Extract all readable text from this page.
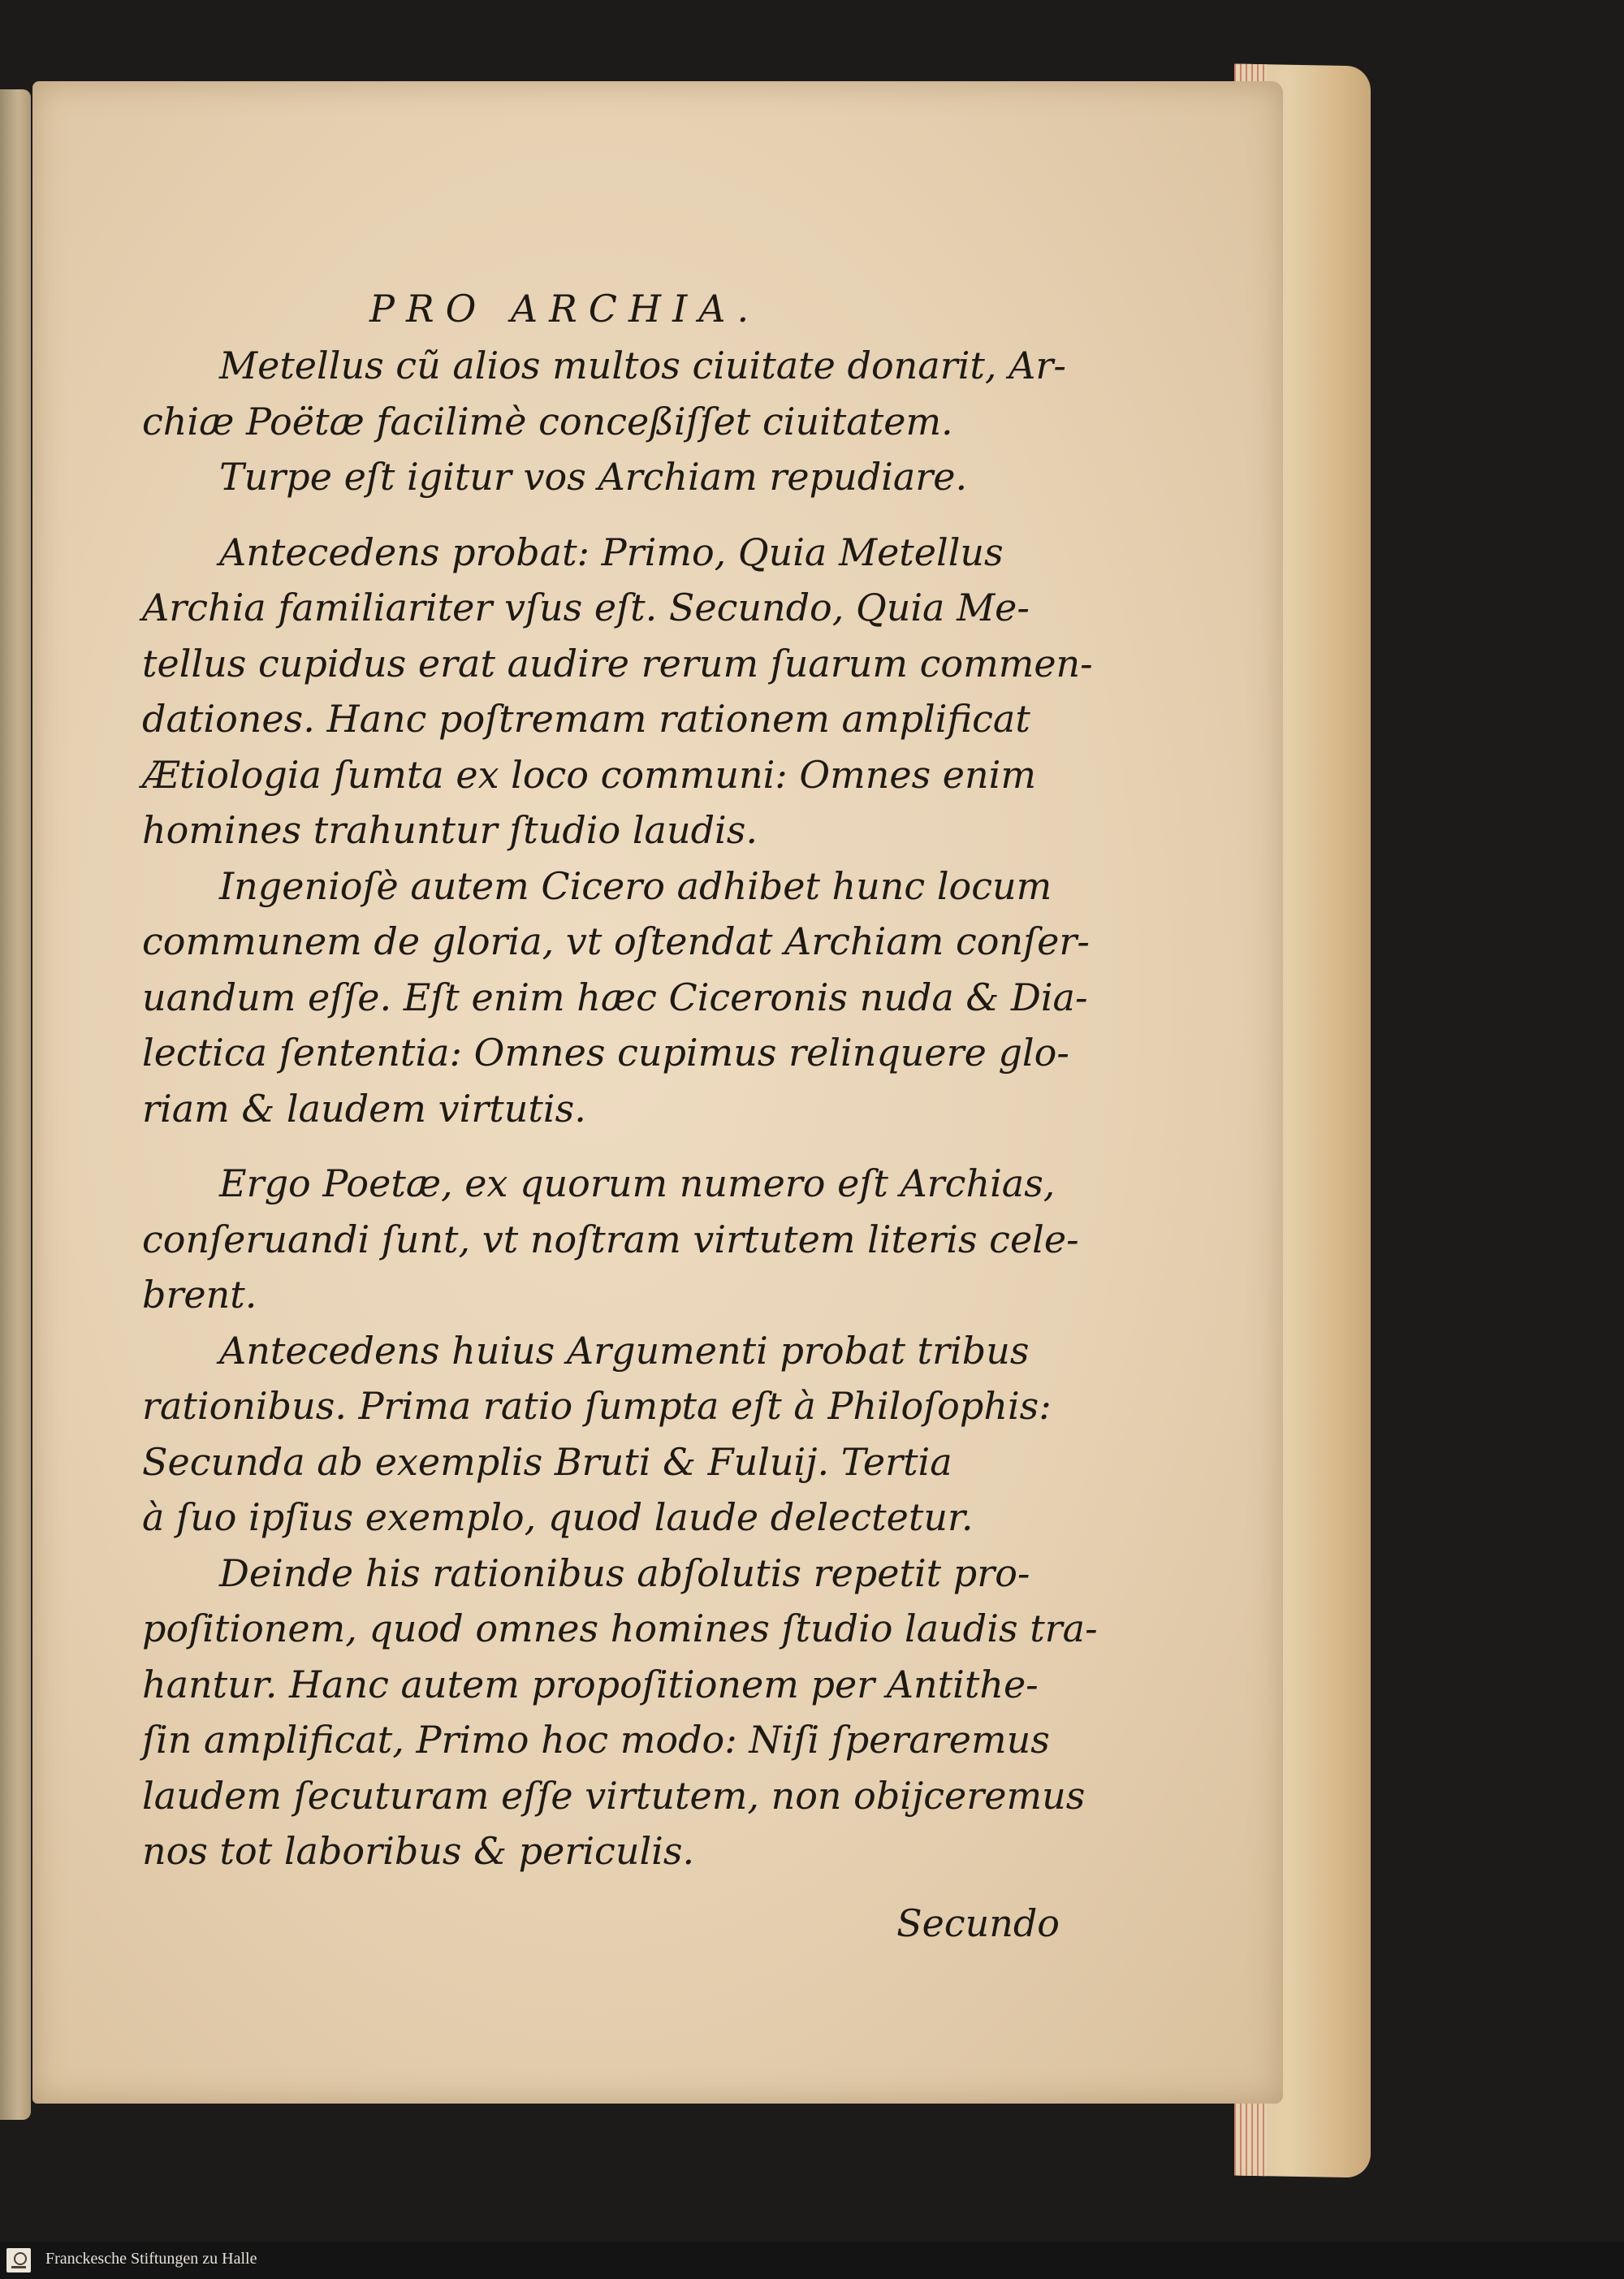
PRO ARCHIA.

Metellus cũ alios multos ciuitate donarit, Ar-
chiæ Poëtæ facilimè conceßiſſet ciuitatem.

Turpe eſt igitur vos Archiam repudiare.

Antecedens probat: Primo, Quia Metellus
Archia familiariter vſus eſt. Secundo, Quia Me-
tellus cupidus erat audire rerum ſuarum commen-
dationes. Hanc poſtremam rationem amplificat
Ætiologia ſumta ex loco communi: Omnes enim
homines trahuntur ſtudio laudis.

Ingenioſè autem Cicero adhibet hunc locum
communem de gloria, vt oſtendat Archiam conſer-
uandum eſſe. Eſt enim hæc Ciceronis nuda & Dia-
lectica ſententia: Omnes cupimus relinquere glo-
riam & laudem virtutis.

Ergo Poetæ, ex quorum numero eſt Archias,
conſeruandi ſunt, vt noſtram virtutem literis cele-
brent.

Antecedens huius Argumenti probat tribus
rationibus. Prima ratio ſumpta eſt à Philoſophis:
Secunda ab exemplis Bruti & Fuluij. Tertia
à ſuo ipſius exemplo, quod laude delectetur.

Deinde his rationibus abſolutis repetit pro-
poſitionem, quod omnes homines ſtudio laudis tra-
hantur. Hanc autem propoſitionem per Antithe-
ſin amplificat, Primo hoc modo: Niſi ſperaremus
laudem ſecuturam eſſe virtutem, non obijceremus
nos tot laboribus & periculis.

Secundo
Franckesche Stiftungen zu Halle
